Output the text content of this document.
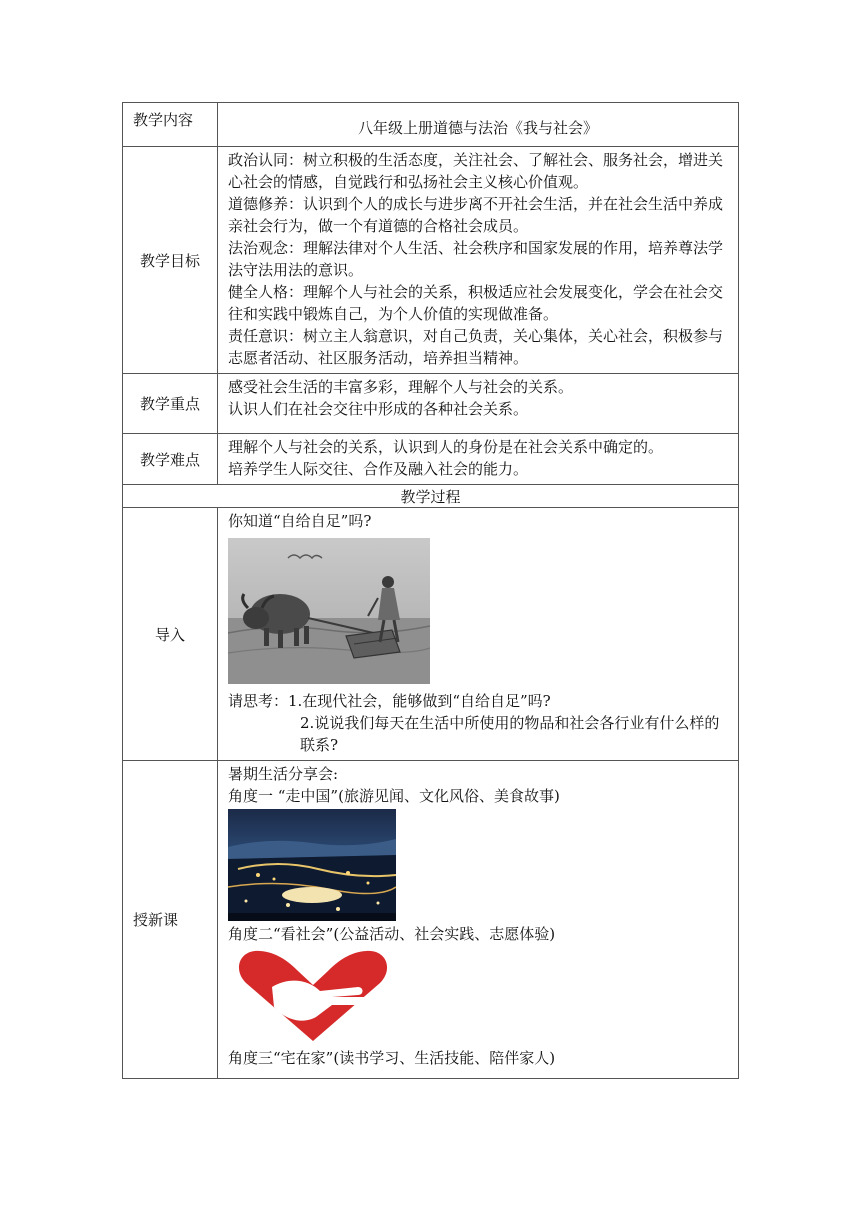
教学内容	八年级上册道德与法治《我与社会》
教学目标	政治认同：树立积极的生活态度，关注社会、了解社会、服务社会，增进关心社会的情感，自觉践行和弘扬社会主义核心价值观。

道德修养：认识到个人的成长与进步离不开社会生活，并在社会生活中养成亲社会行为，做一个有道德的合格社会成员。

法治观念：理解法律对个人生活、社会秩序和国家发展的作用，培养尊法学法守法用法的意识。

健全人格：理解个人与社会的关系，积极适应社会发展变化，学会在社会交往和实践中锻炼自己，为个人价值的实现做准备。

责任意识：树立主人翁意识，对自己负责，关心集体，关心社会，积极参与志愿者活动、社区服务活动，培养担当精神。

教学重点	感受社会生活的丰富多彩，理解个人与社会的关系。

认识人们在社会交往中形成的各种社会关系。

教学难点	理解个人与社会的关系，认识到人的身份是在社会关系中确定的。

培养学生人际交往、合作及融入社会的能力。

教学过程	
导入	你知道“自给自足”吗?

请思考：1.在现代社会，能够做到“自给自足”吗?

2.说说我们每天在生活中所使用的物品和社会各行业有什么样的联系?

授新课	暑期生活分享会:

角度一 “走中国”(旅游见闻、文化风俗、美食故事)

角度二“看社会”(公益活动、社会实践、志愿体验)

角度三“宅在家”(读书学习、生活技能、陪伴家人)
